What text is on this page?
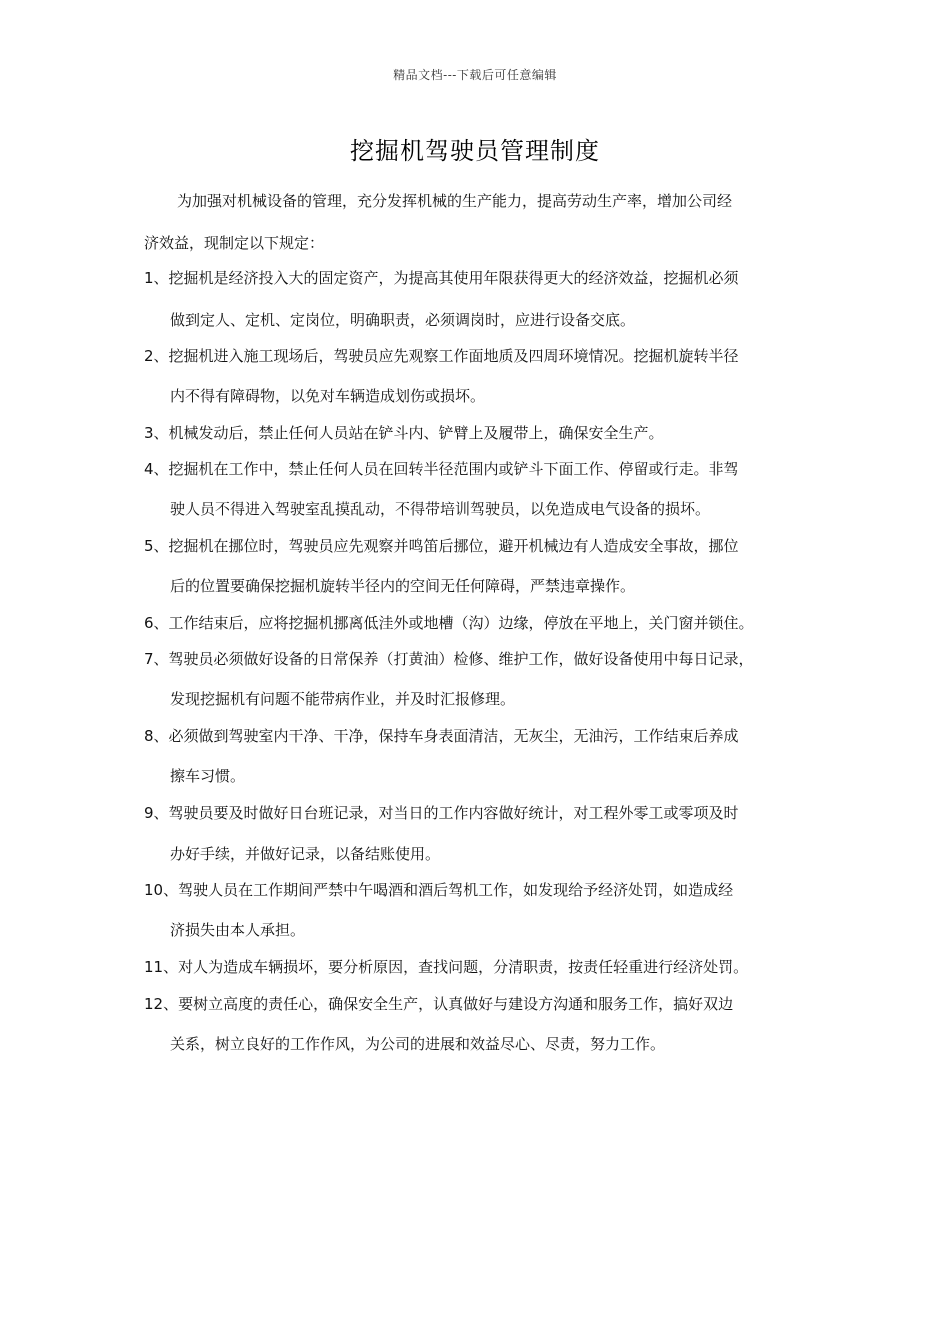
精品文档---下载后可任意编辑
挖掘机驾驶员管理制度
为加强对机械设备的管理，充分发挥机械的生产能力，提高劳动生产率，增加公司经
济效益，现制定以下规定：
1、挖掘机是经济投入大的固定资产，为提高其使用年限获得更大的经济效益，挖掘机必须
做到定人、定机、定岗位，明确职责，必须调岗时，应进行设备交底。
2、挖掘机进入施工现场后，驾驶员应先观察工作面地质及四周环境情况。挖掘机旋转半径
内不得有障碍物，以免对车辆造成划伤或损坏。
3、机械发动后，禁止任何人员站在铲斗内、铲臂上及履带上，确保安全生产。
4、挖掘机在工作中，禁止任何人员在回转半径范围内或铲斗下面工作、停留或行走。非驾
驶人员不得进入驾驶室乱摸乱动，不得带培训驾驶员，以免造成电气设备的损坏。
5、挖掘机在挪位时，驾驶员应先观察并鸣笛后挪位，避开机械边有人造成安全事故，挪位
后的位置要确保挖掘机旋转半径内的空间无任何障碍，严禁违章操作。
6、工作结束后，应将挖掘机挪离低洼外或地槽（沟）边缘，停放在平地上，关门窗并锁住。
7、驾驶员必须做好设备的日常保养（打黄油）检修、维护工作，做好设备使用中每日记录，
发现挖掘机有问题不能带病作业，并及时汇报修理。
8、必须做到驾驶室内干净、干净，保持车身表面清洁，无灰尘，无油污，工作结束后养成
擦车习惯。
9、驾驶员要及时做好日台班记录，对当日的工作内容做好统计，对工程外零工或零项及时
办好手续，并做好记录，以备结账使用。
10、驾驶人员在工作期间严禁中午喝酒和酒后驾机工作，如发现给予经济处罚，如造成经
济损失由本人承担。
11、对人为造成车辆损坏，要分析原因，查找问题，分清职责，按责任轻重进行经济处罚。
12、要树立高度的责任心，确保安全生产，认真做好与建设方沟通和服务工作，搞好双边
关系，树立良好的工作作风，为公司的进展和效益尽心、尽责，努力工作。
